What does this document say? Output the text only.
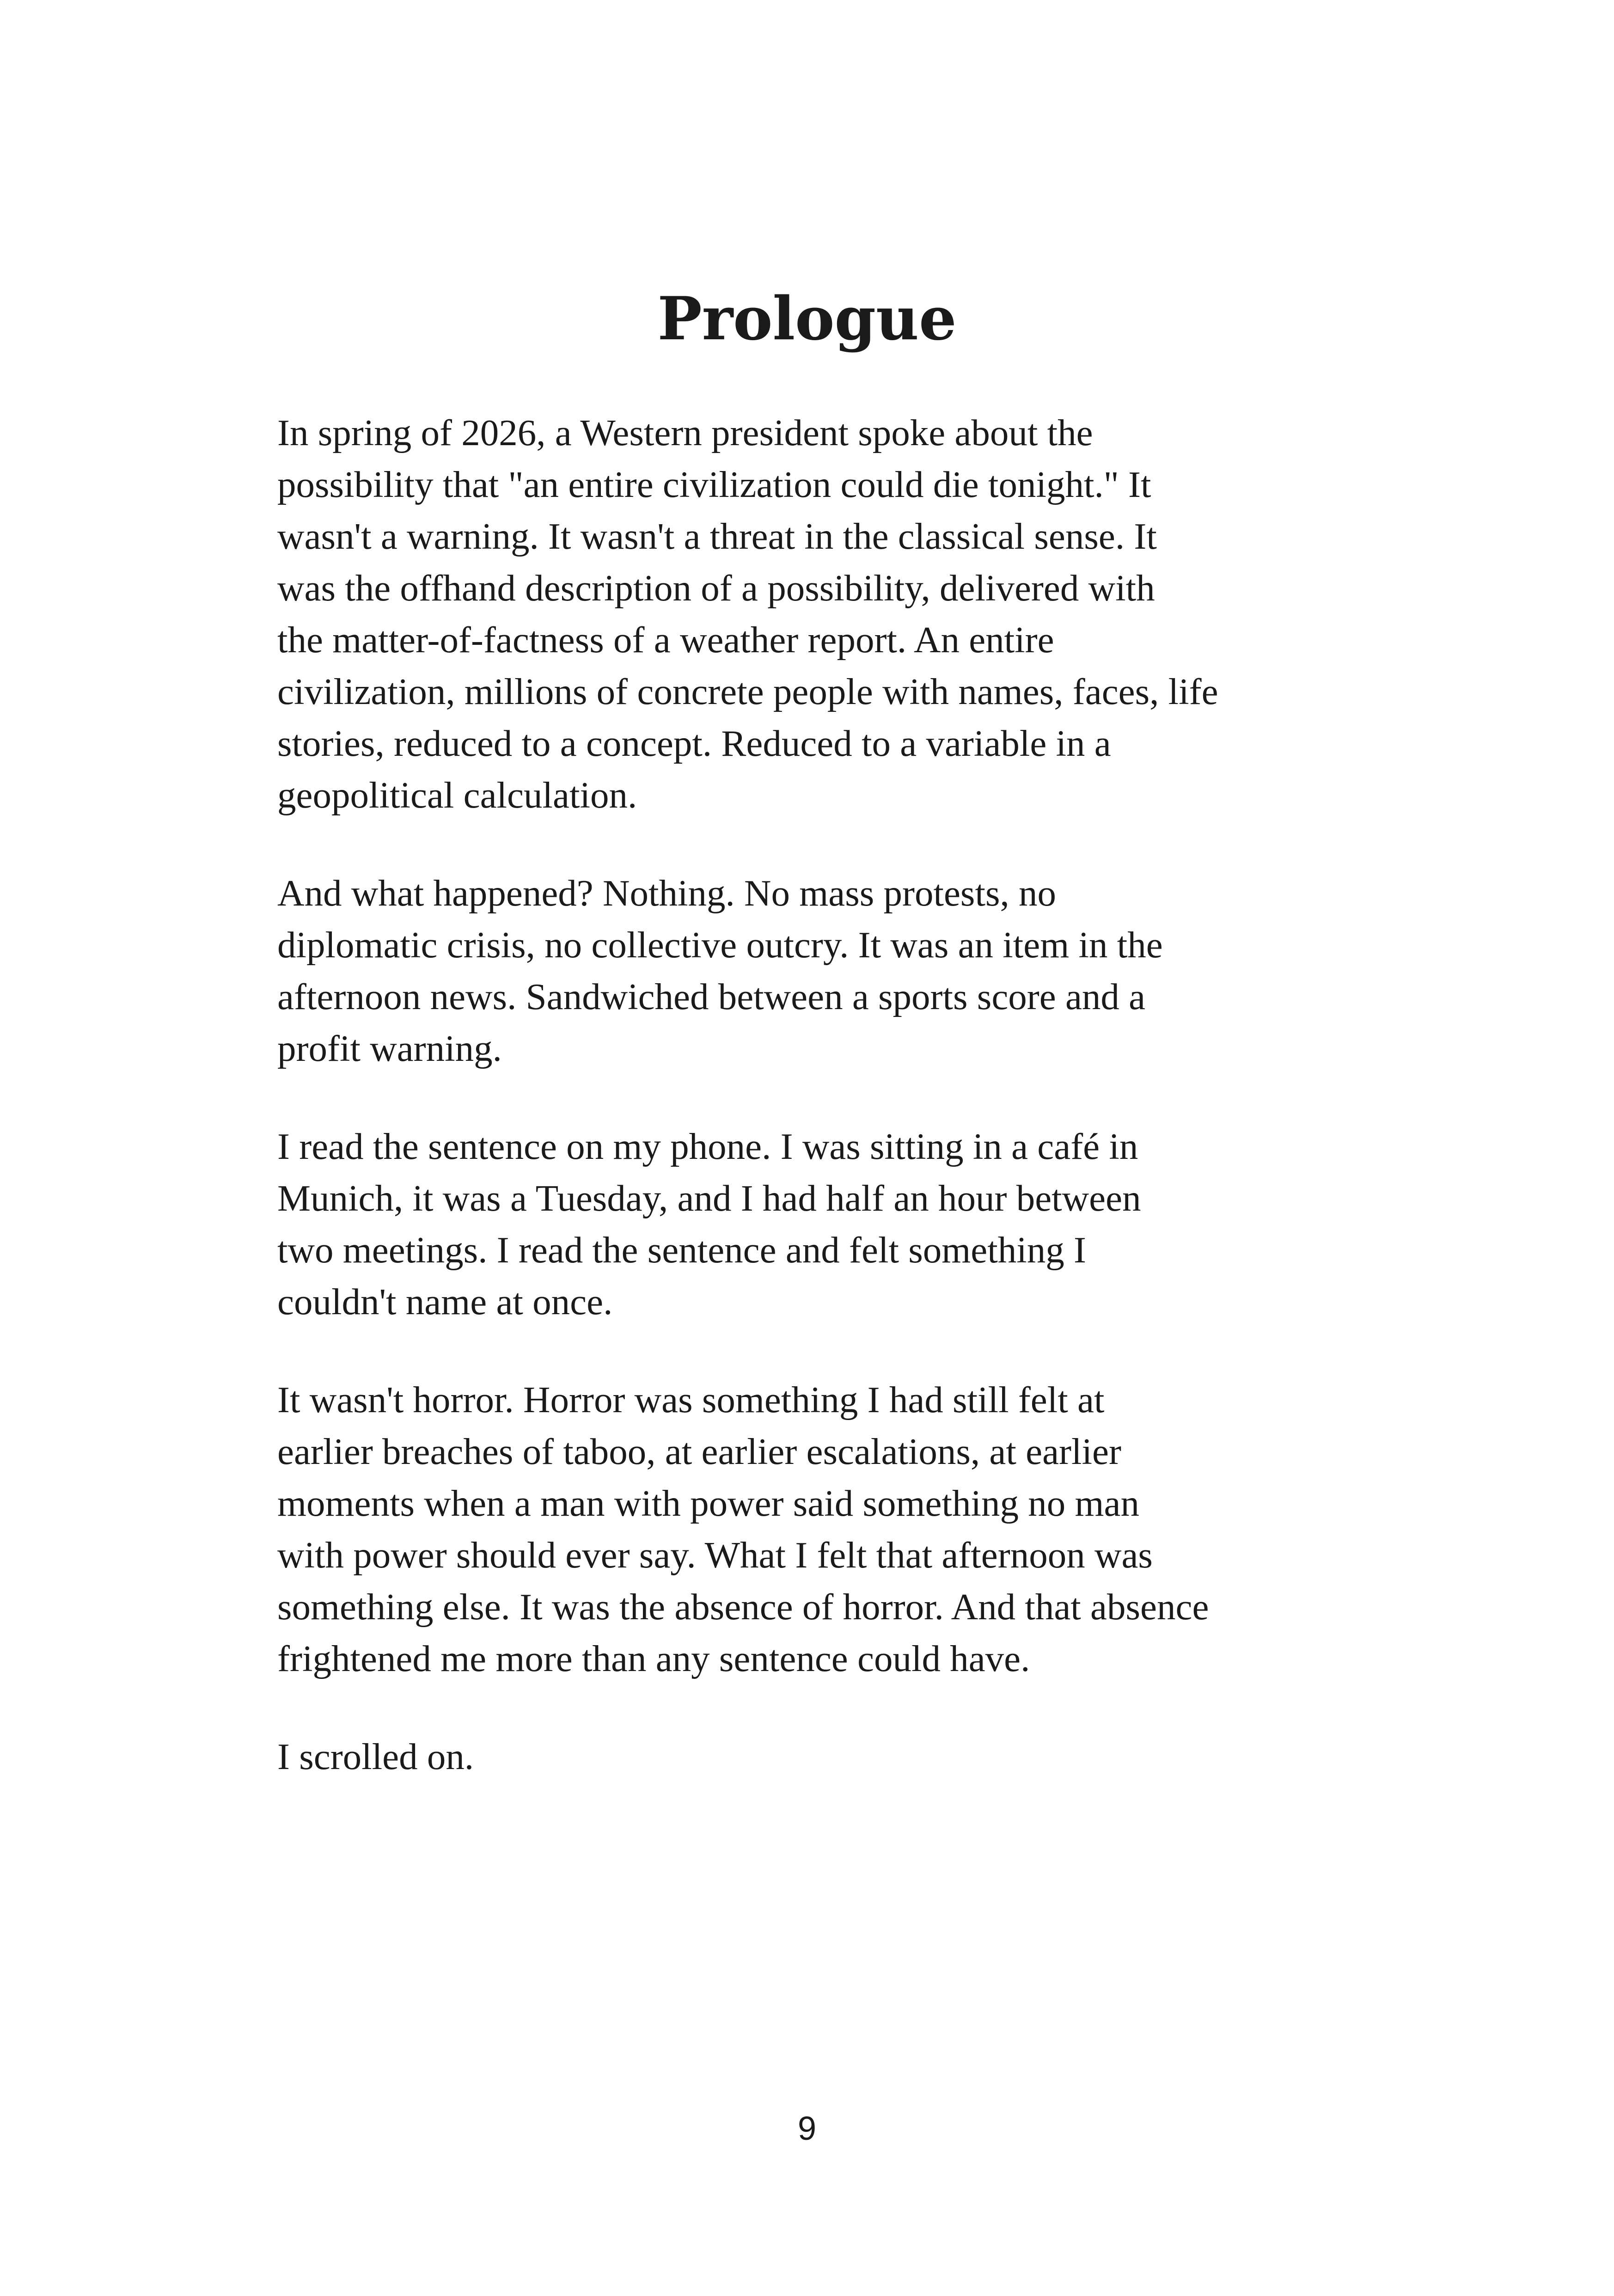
Prologue

In spring of 2026, a Western president spoke about the
possibility that "an entire civilization could die tonight." It
wasn't a warning. It wasn't a threat in the classical sense. It
was the offhand description of a possibility, delivered with
the matter-of-factness of a weather report. An entire
civilization, millions of concrete people with names, faces, life
stories, reduced to a concept. Reduced to a variable in a
geopolitical calculation.

And what happened? Nothing. No mass protests, no
diplomatic crisis, no collective outcry. It was an item in the
afternoon news. Sandwiched between a sports score and a
profit warning.

I read the sentence on my phone. I was sitting in a café in
Munich, it was a Tuesday, and I had half an hour between
two meetings. I read the sentence and felt something I
couldn't name at once.

It wasn't horror. Horror was something I had still felt at
earlier breaches of taboo, at earlier escalations, at earlier
moments when a man with power said something no man
with power should ever say. What I felt that afternoon was
something else. It was the absence of horror. And that absence
frightened me more than any sentence could have.

I scrolled on.

9
